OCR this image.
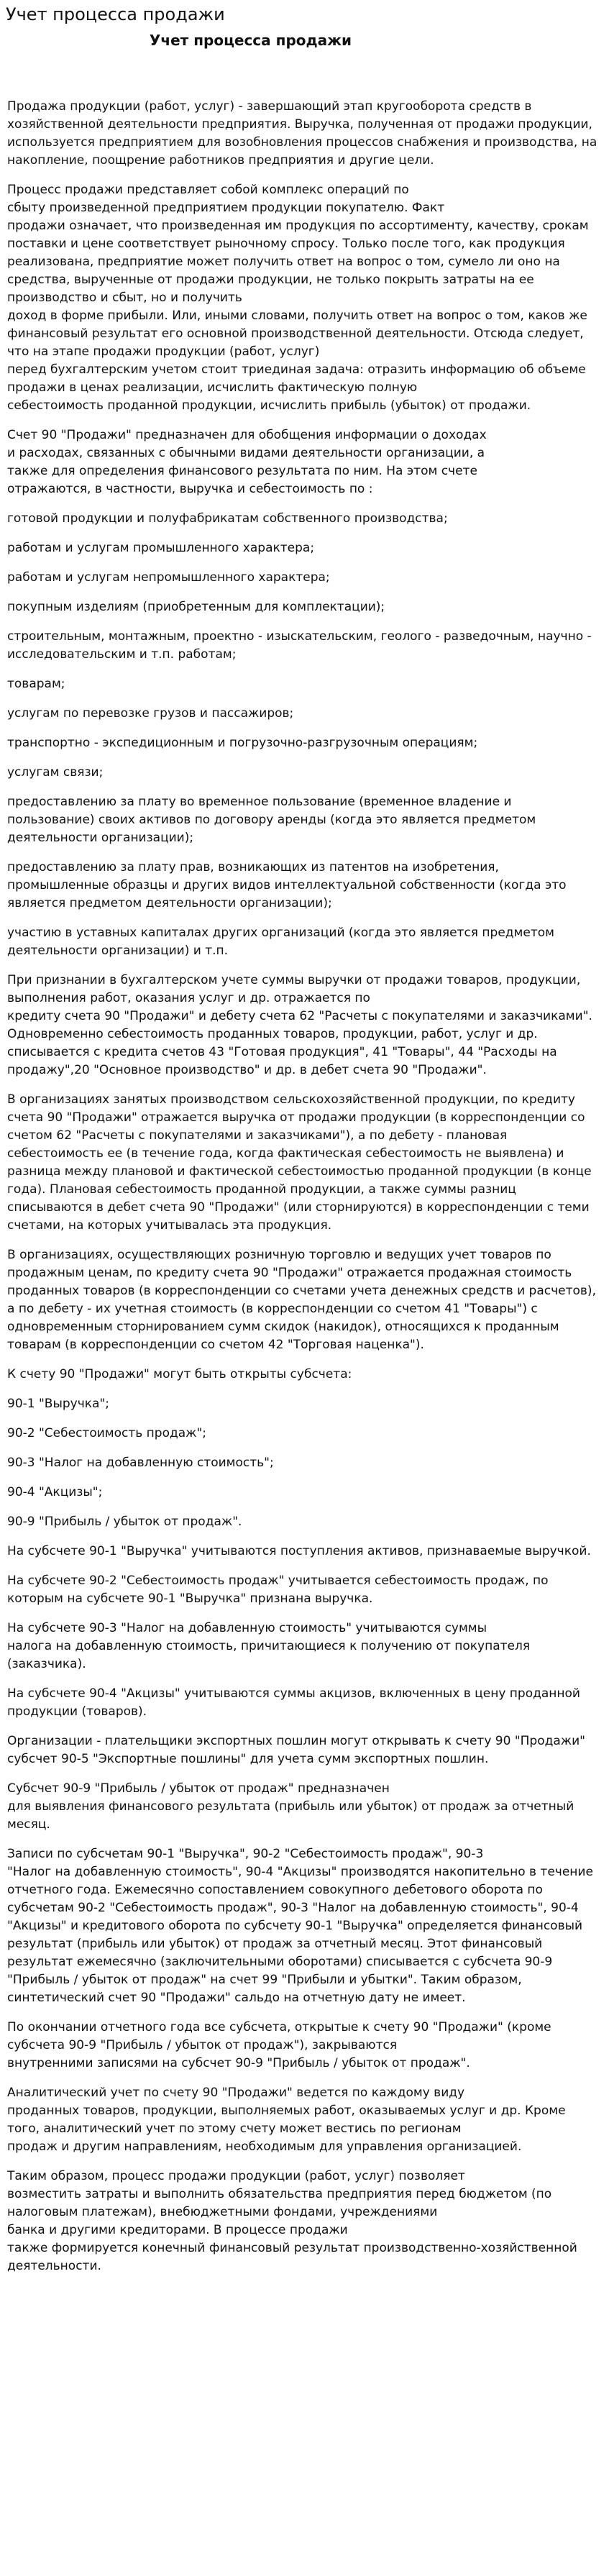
Учет процесса продажи
Учет процесса продажи

Продажа продукции (работ, услуг) - завершающий этап кругооборота средств в хозяйственной деятельности предприятия. Выручка, полученная от продажи продукции, используется предприятием для возобновления процессов снабжения и производства, на накопление, поощрение работников предприятия и другие цели.

Процесс продажи представляет собой комплекс операций по
сбыту произведенной предприятием продукции покупателю. Факт
продажи означает, что произведенная им продукция по ассортименту, качеству, срокам поставки и цене соответствует рыночному спросу. Только после того, как продукция реализована, предприятие может получить ответ на вопрос о том, сумело ли оно на средства, вырученные от продажи продукции, не только покрыть затраты на ее производство и сбыт, но и получить
доход в форме прибыли. Или, иными словами, получить ответ на вопрос о том, каков же финансовый результат его основной производственной деятельности. Отсюда следует, что на этапе продажи продукции (работ, услуг)
перед бухгалтерским учетом стоит триединая задача: отразить информацию об объеме продажи в ценах реализации, исчислить фактическую полную
себестоимость проданной продукции, исчислить прибыль (убыток) от продажи.

Счет 90 "Продажи" предназначен для обобщения информации о доходах
и расходах, связанных с обычными видами деятельности организации, а
также для определения финансового результата по ним. На этом счете
отражаются, в частности, выручка и себестоимость по :

готовой продукции и полуфабрикатам собственного производства;

работам и услугам промышленного характера;

работам и услугам непромышленного характера;

покупным изделиям (приобретенным для комплектации);

строительным, монтажным, проектно - изыскательским, геолого - разведочным, научно - исследовательским и т.п. работам;

товарам;

услугам по перевозке грузов и пассажиров;

транспортно - экспедиционным и погрузочно-разгрузочным операциям;

услугам связи;

предоставлению за плату во временное пользование (временное владение и пользование) своих активов по договору аренды (когда это является предметом деятельности организации);

предоставлению за плату прав, возникающих из патентов на изобретения, промышленные образцы и других видов интеллектуальной собственности (когда это является предметом деятельности организации);

участию в уставных капиталах других организаций (когда это является предметом деятельности организации) и т.п.

При признании в бухгалтерском учете суммы выручки от продажи товаров, продукции, выполнения работ, оказания услуг и др. отражается по
кредиту счета 90 "Продажи" и дебету счета 62 "Расчеты с покупателями и заказчиками". Одновременно себестоимость проданных товаров, продукции, работ, услуг и др. списывается с кредита счетов 43 "Готовая продукция", 41 "Товары", 44 "Расходы на продажу",20 "Основное производство" и др. в дебет счета 90 "Продажи".

В организациях занятых производством сельскохозяйственной продукции, по кредиту счета 90 "Продажи" отражается выручка от продажи продукции (в корреспонденции со счетом 62 "Расчеты с покупателями и заказчиками"), а по дебету - плановая себестоимость ее (в течение года, когда фактическая себестоимость не выявлена) и разница между плановой и фактической себестоимостью проданной продукции (в конце года). Плановая себестоимость проданной продукции, а также суммы разниц списываются в дебет счета 90 "Продажи" (или сторнируются) в корреспонденции с теми счетами, на которых учитывалась эта продукция.

В организациях, осуществляющих розничную торговлю и ведущих учет товаров по продажным ценам, по кредиту счета 90 "Продажи" отражается продажная стоимость проданных товаров (в корреспонденции со счетами учета денежных средств и расчетов), а по дебету - их учетная стоимость (в корреспонденции со счетом 41 "Товары") с одновременным сторнированием сумм скидок (накидок), относящихся к проданным товарам (в корреспонденции со счетом 42 "Торговая наценка").

К счету 90 "Продажи" могут быть открыты субсчета:

90-1 "Выручка";

90-2 "Себестоимость продаж";

90-3 "Налог на добавленную стоимость";

90-4 "Акцизы";

90-9 "Прибыль / убыток от продаж".

На субсчете 90-1 "Выручка" учитываются поступления активов, признаваемые выручкой.

На субсчете 90-2 "Себестоимость продаж" учитывается себестоимость продаж, по которым на субсчете 90-1 "Выручка" признана выручка.

На субсчете 90-3 "Налог на добавленную стоимость" учитываются суммы
налога на добавленную стоимость, причитающиеся к получению от покупателя (заказчика).

На субсчете 90-4 "Акцизы" учитываются суммы акцизов, включенных в цену проданной продукции (товаров).

Организации - плательщики экспортных пошлин могут открывать к счету 90 "Продажи" субсчет 90-5 "Экспортные пошлины" для учета сумм экспортных пошлин.

Субсчет 90-9 "Прибыль / убыток от продаж" предназначен
для выявления финансового результата (прибыль или убыток) от продаж за отчетный месяц.

Записи по субсчетам 90-1 "Выручка", 90-2 "Себестоимость продаж", 90-3
"Налог на добавленную стоимость", 90-4 "Акцизы" производятся накопительно в течение отчетного года. Ежемесячно сопоставлением совокупного дебетового оборота по субсчетам 90-2 "Себестоимость продаж", 90-3 "Налог на добавленную стоимость", 90-4 "Акцизы" и кредитового оборота по субсчету 90-1 "Выручка" определяется финансовый результат (прибыль или убыток) от продаж за отчетный месяц. Этот финансовый результат ежемесячно (заключительными оборотами) списывается с субсчета 90-9 "Прибыль / убыток от продаж" на счет 99 "Прибыли и убытки". Таким образом, синтетический счет 90 "Продажи" сальдо на отчетную дату не имеет.

По окончании отчетного года все субсчета, открытые к счету 90 "Продажи" (кроме субсчета 90-9 "Прибыль / убыток от продаж"), закрываются
внутренними записями на субсчет 90-9 "Прибыль / убыток от продаж".

Аналитический учет по счету 90 "Продажи" ведется по каждому виду
проданных товаров, продукции, выполняемых работ, оказываемых услуг и др. Кроме того, аналитический учет по этому счету может вестись по регионам
продаж и другим направлениям, необходимым для управления организацией.

Таким образом, процесс продажи продукции (работ, услуг) позволяет
возместить затраты и выполнить обязательства предприятия перед бюджетом (по налоговым платежам), внебюджетными фондами, учреждениями
банка и другими кредиторами. В процессе продажи
также формируется конечный финансовый результат производственно-хозяйственной деятельности.
